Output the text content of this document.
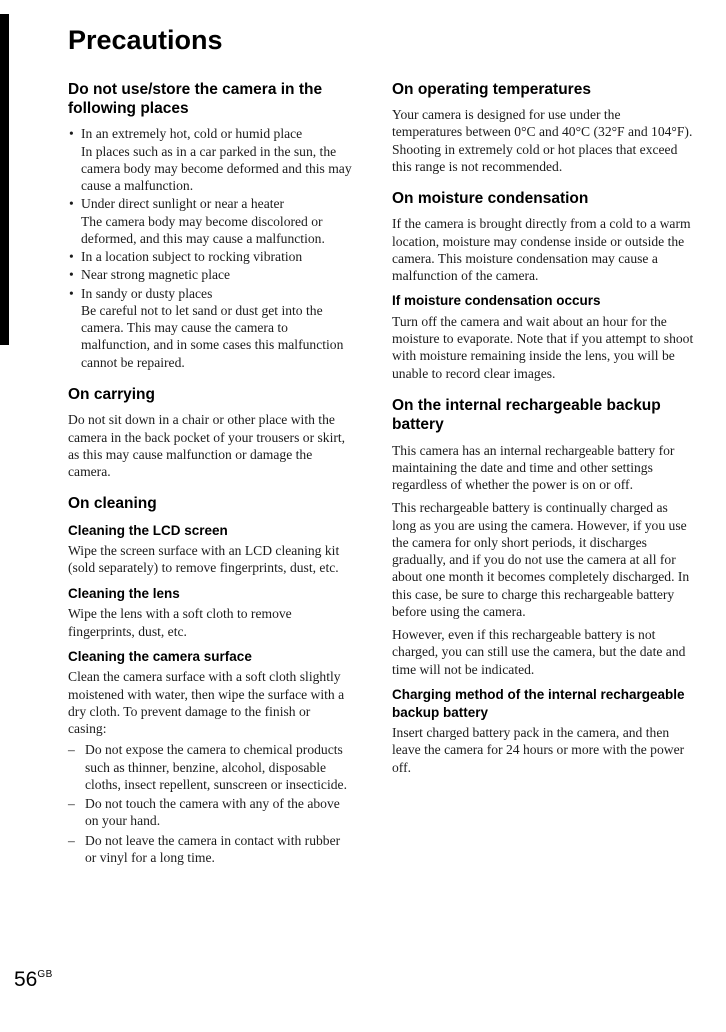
Precautions
Do not use/store the camera in the following places
• In an extremely hot, cold or humid place
In places such as in a car parked in the sun, the camera body may become deformed and this may cause a malfunction.
• Under direct sunlight or near a heater
The camera body may become discolored or deformed, and this may cause a malfunction.
• In a location subject to rocking vibration
• Near strong magnetic place
• In sandy or dusty places
Be careful not to let sand or dust get into the camera. This may cause the camera to malfunction, and in some cases this malfunction cannot be repaired.
On carrying

Do not sit down in a chair or other place with the camera in the back pocket of your trousers or skirt, as this may cause malfunction or damage the camera.

On cleaning
Cleaning the LCD screen

Wipe the screen surface with an LCD cleaning kit (sold separately) to remove fingerprints, dust, etc.

Cleaning the lens

Wipe the lens with a soft cloth to remove fingerprints, dust, etc.

Cleaning the camera surface

Clean the camera surface with a soft cloth slightly moistened with water, then wipe the surface with a dry cloth. To prevent damage to the finish or casing:

– Do not expose the camera to chemical products such as thinner, benzine, alcohol, disposable cloths, insect repellent, sunscreen or insecticide.
– Do not touch the camera with any of the above on your hand.
– Do not leave the camera in contact with rubber or vinyl for a long time.
On operating temperatures

Your camera is designed for use under the temperatures between 0°C and 40°C (32°F and 104°F). Shooting in extremely cold or hot places that exceed this range is not recommended.

On moisture condensation

If the camera is brought directly from a cold to a warm location, moisture may condense inside or outside the camera. This moisture condensation may cause a malfunction of the camera.

If moisture condensation occurs

Turn off the camera and wait about an hour for the moisture to evaporate. Note that if you attempt to shoot with moisture remaining inside the lens, you will be unable to record clear images.

On the internal rechargeable backup battery

This camera has an internal rechargeable battery for maintaining the date and time and other settings regardless of whether the power is on or off.

This rechargeable battery is continually charged as long as you are using the camera. However, if you use the camera for only short periods, it discharges gradually, and if you do not use the camera at all for about one month it becomes completely discharged. In this case, be sure to charge this rechargeable battery before using the camera.

However, even if this rechargeable battery is not charged, you can still use the camera, but the date and time will not be indicated.

Charging method of the internal rechargeable backup battery

Insert charged battery pack in the camera, and then leave the camera for 24 hours or more with the power off.

$56^{GB}$
